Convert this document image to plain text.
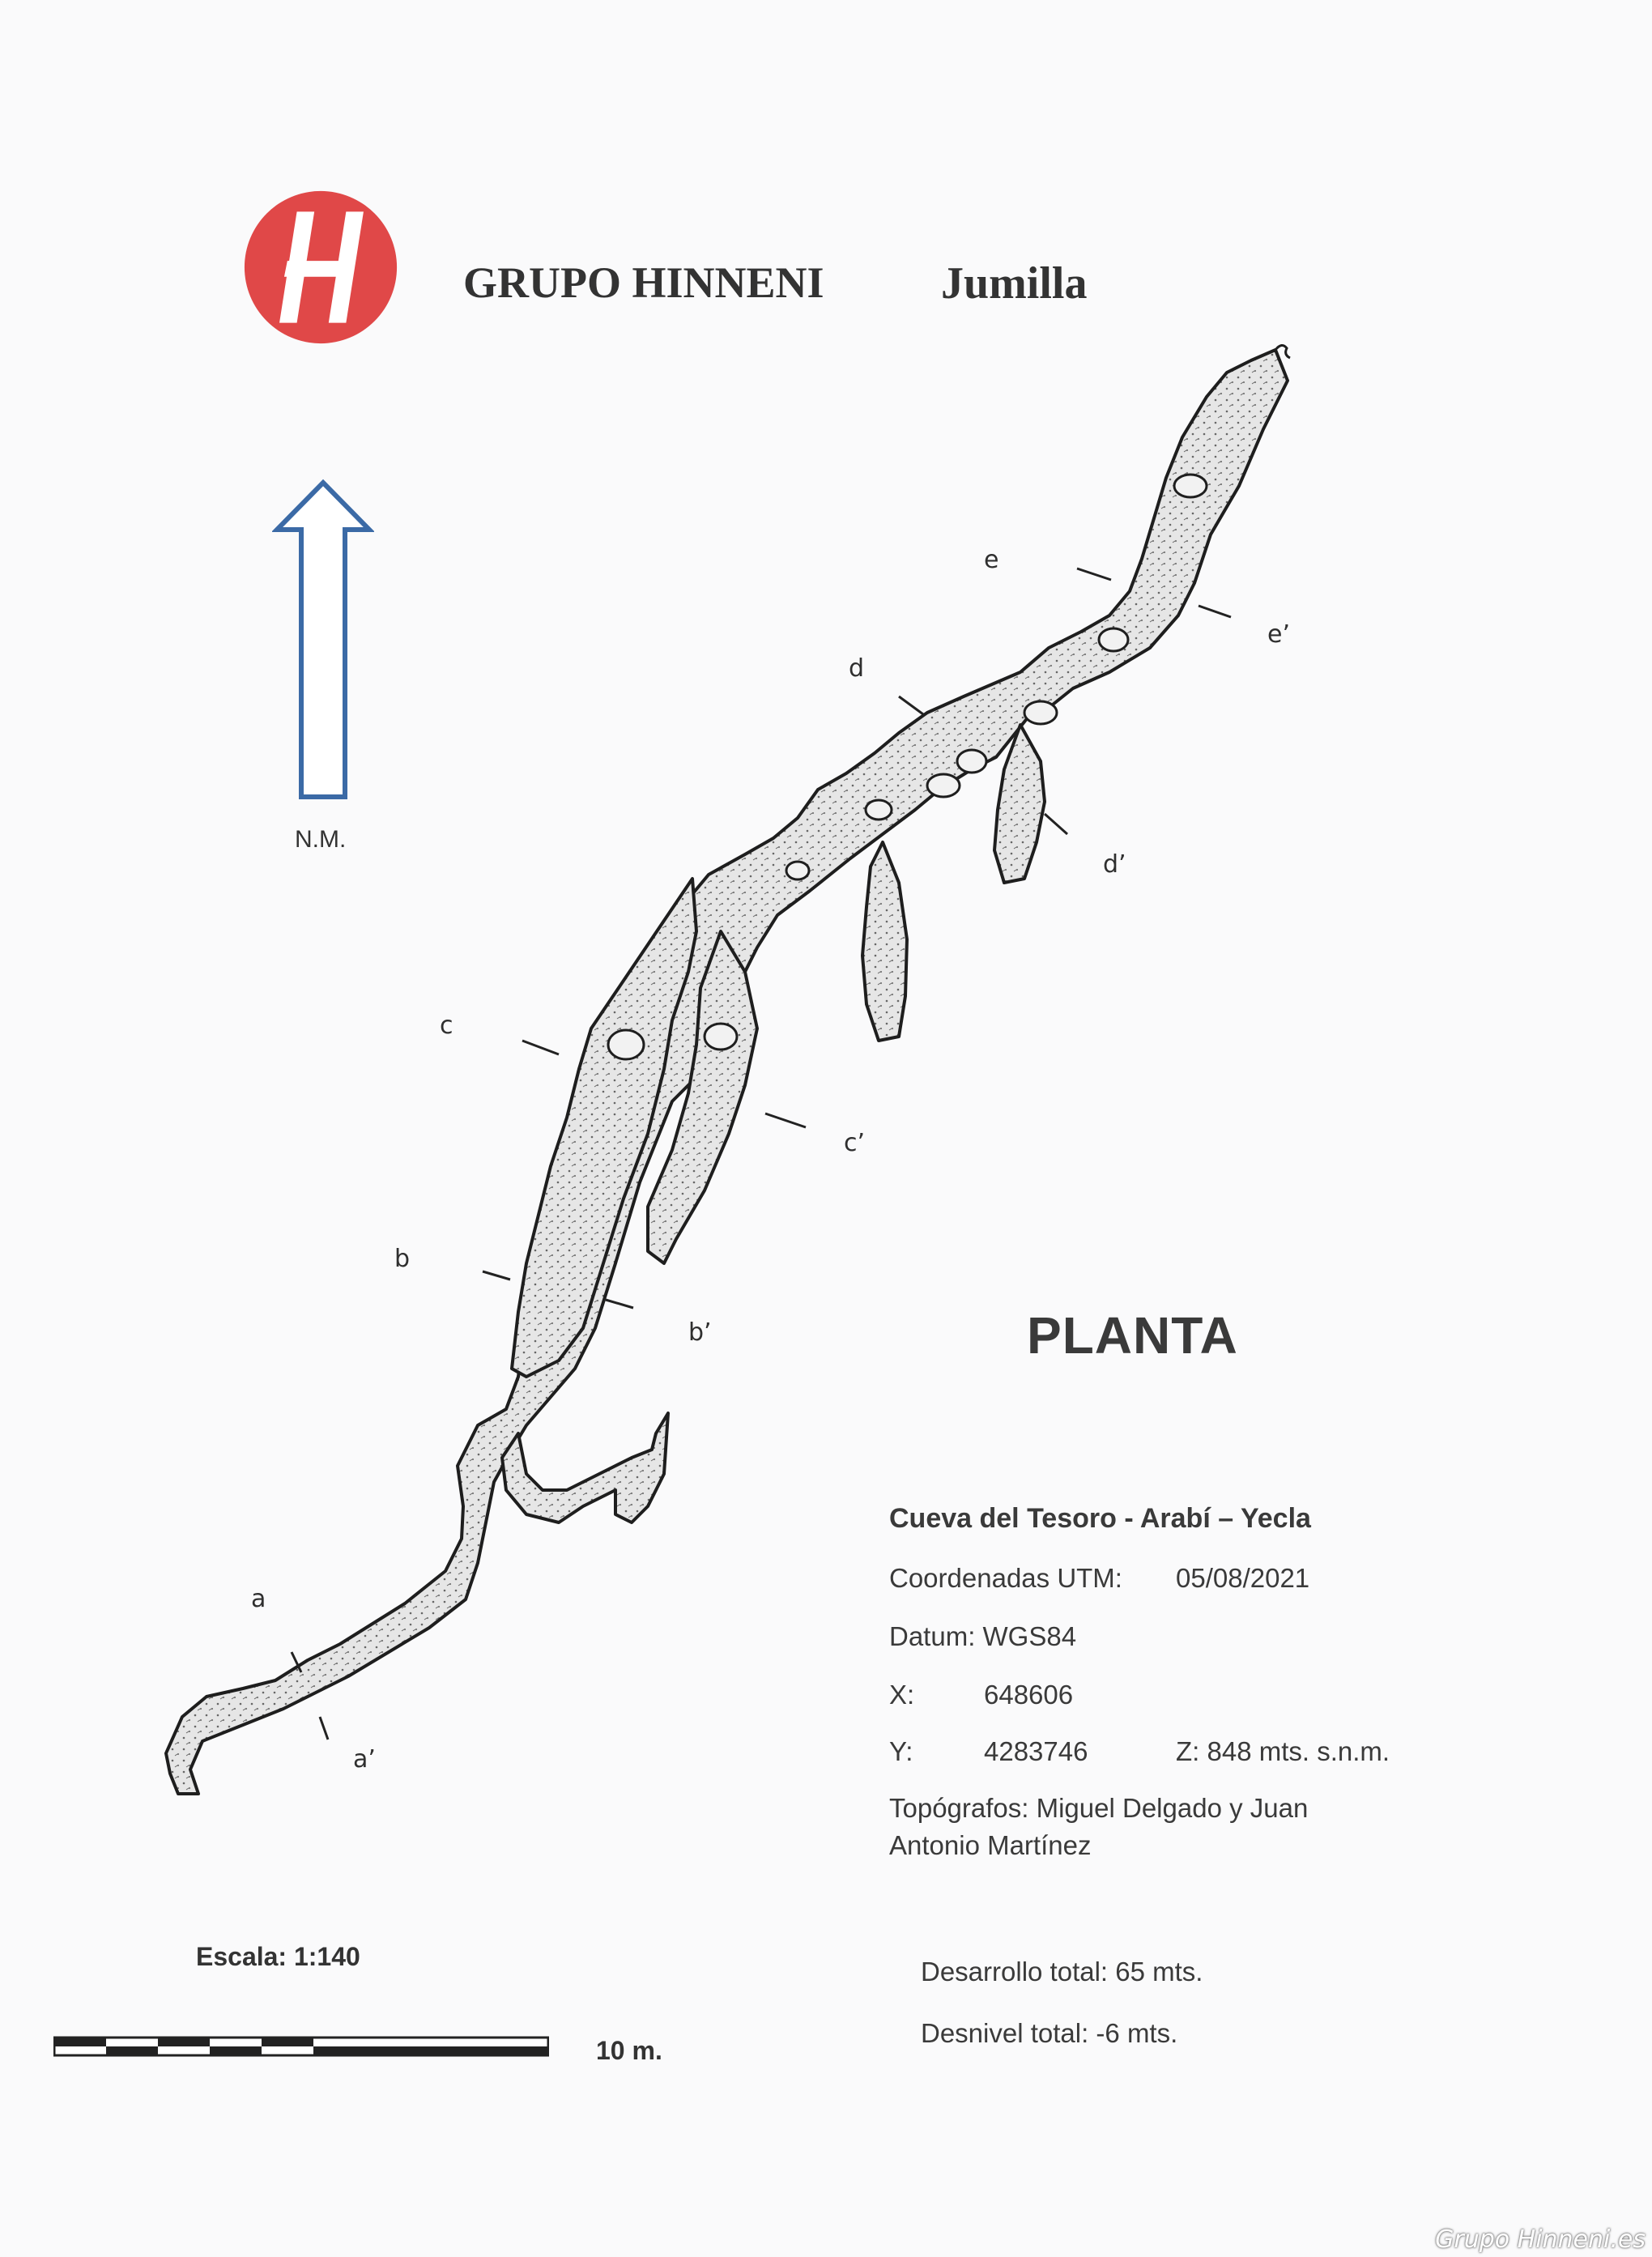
GRUPO HINNENI	Jumilla
N.M.
a
a’
b
b’
c
c’
d
d’
e
e’
PLANTA
Cueva del Tesoro - Arabí – Yecla
Coordenadas UTM: 05/08/2021
Datum: WGS84
X:	648606
Y:	4283746	Z: 848 mts. s.n.m.
Topógrafos: Miguel Delgado y Juan
Antonio Martínez
Desarrollo total: 65 mts.
Desnivel total: -6 mts.
Escala: 1:140
10 m.
Grupo Hinneni.es
